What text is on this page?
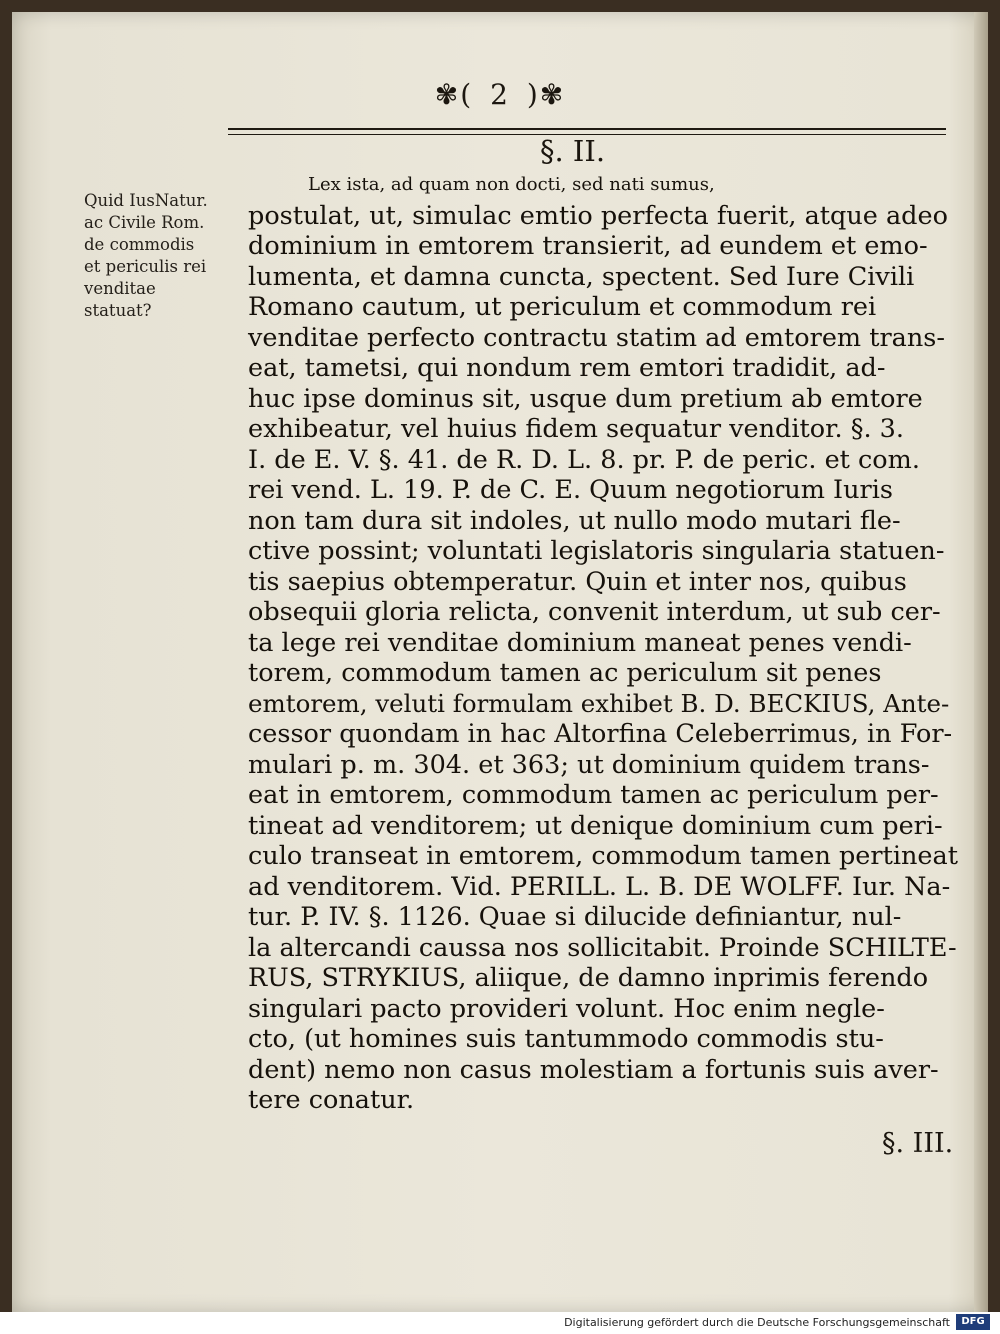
✾( 2 )✾
§. II.
Quid IusNatur.
ac Civile Rom.
de commodis
et periculis rei
venditae
statuat?
Lex ista, ad quam non docti, sed nati sumus,
postulat, ut, simulac emtio perfecta fuerit, atque adeo
dominium in emtorem transierit, ad eundem et emo-
lumenta, et damna cuncta, spectent. Sed Iure Civili
Romano cautum, ut periculum et commodum rei
venditae perfecto contractu statim ad emtorem trans-
eat, tametsi, qui nondum rem emtori tradidit, ad-
huc ipse dominus sit, usque dum pretium ab emtore
exhibeatur, vel huius fidem sequatur venditor. §. 3.
I. de E. V. §. 41. de R. D. L. 8. pr. P. de peric. et com.
rei vend. L. 19. P. de C. E. Quum negotiorum Iuris
non tam dura sit indoles, ut nullo modo mutari fle-
ctive possint; voluntati legislatoris singularia statuen-
tis saepius obtemperatur. Quin et inter nos, quibus
obsequii gloria relicta, convenit interdum, ut sub cer-
ta lege rei venditae dominium maneat penes vendi-
torem, commodum tamen ac periculum sit penes
emtorem, veluti formulam exhibet B. D. BECKIUS, Ante-
cessor quondam in hac Altorfina Celeberrimus, in For-
mulari p. m. 304. et 363; ut dominium quidem trans-
eat in emtorem, commodum tamen ac periculum per-
tineat ad venditorem; ut denique dominium cum peri-
culo transeat in emtorem, commodum tamen pertineat
ad venditorem. Vid. PERILL. L. B. DE WOLFF. Iur. Na-
tur. P. IV. §. 1126. Quae si dilucide definiantur, nul-
la altercandi caussa nos sollicitabit. Proinde SCHILTE-
RUS, STRYKIUS, aliique, de damno inprimis ferendo
singulari pacto provideri volunt. Hoc enim negle-
cto, (ut homines suis tantummodo commodis stu-
dent) nemo non casus molestiam a fortunis suis aver-
tere conatur.
§. III.
Digitalisierung gefördert durch die Deutsche Forschungsgemeinschaft	DFG
